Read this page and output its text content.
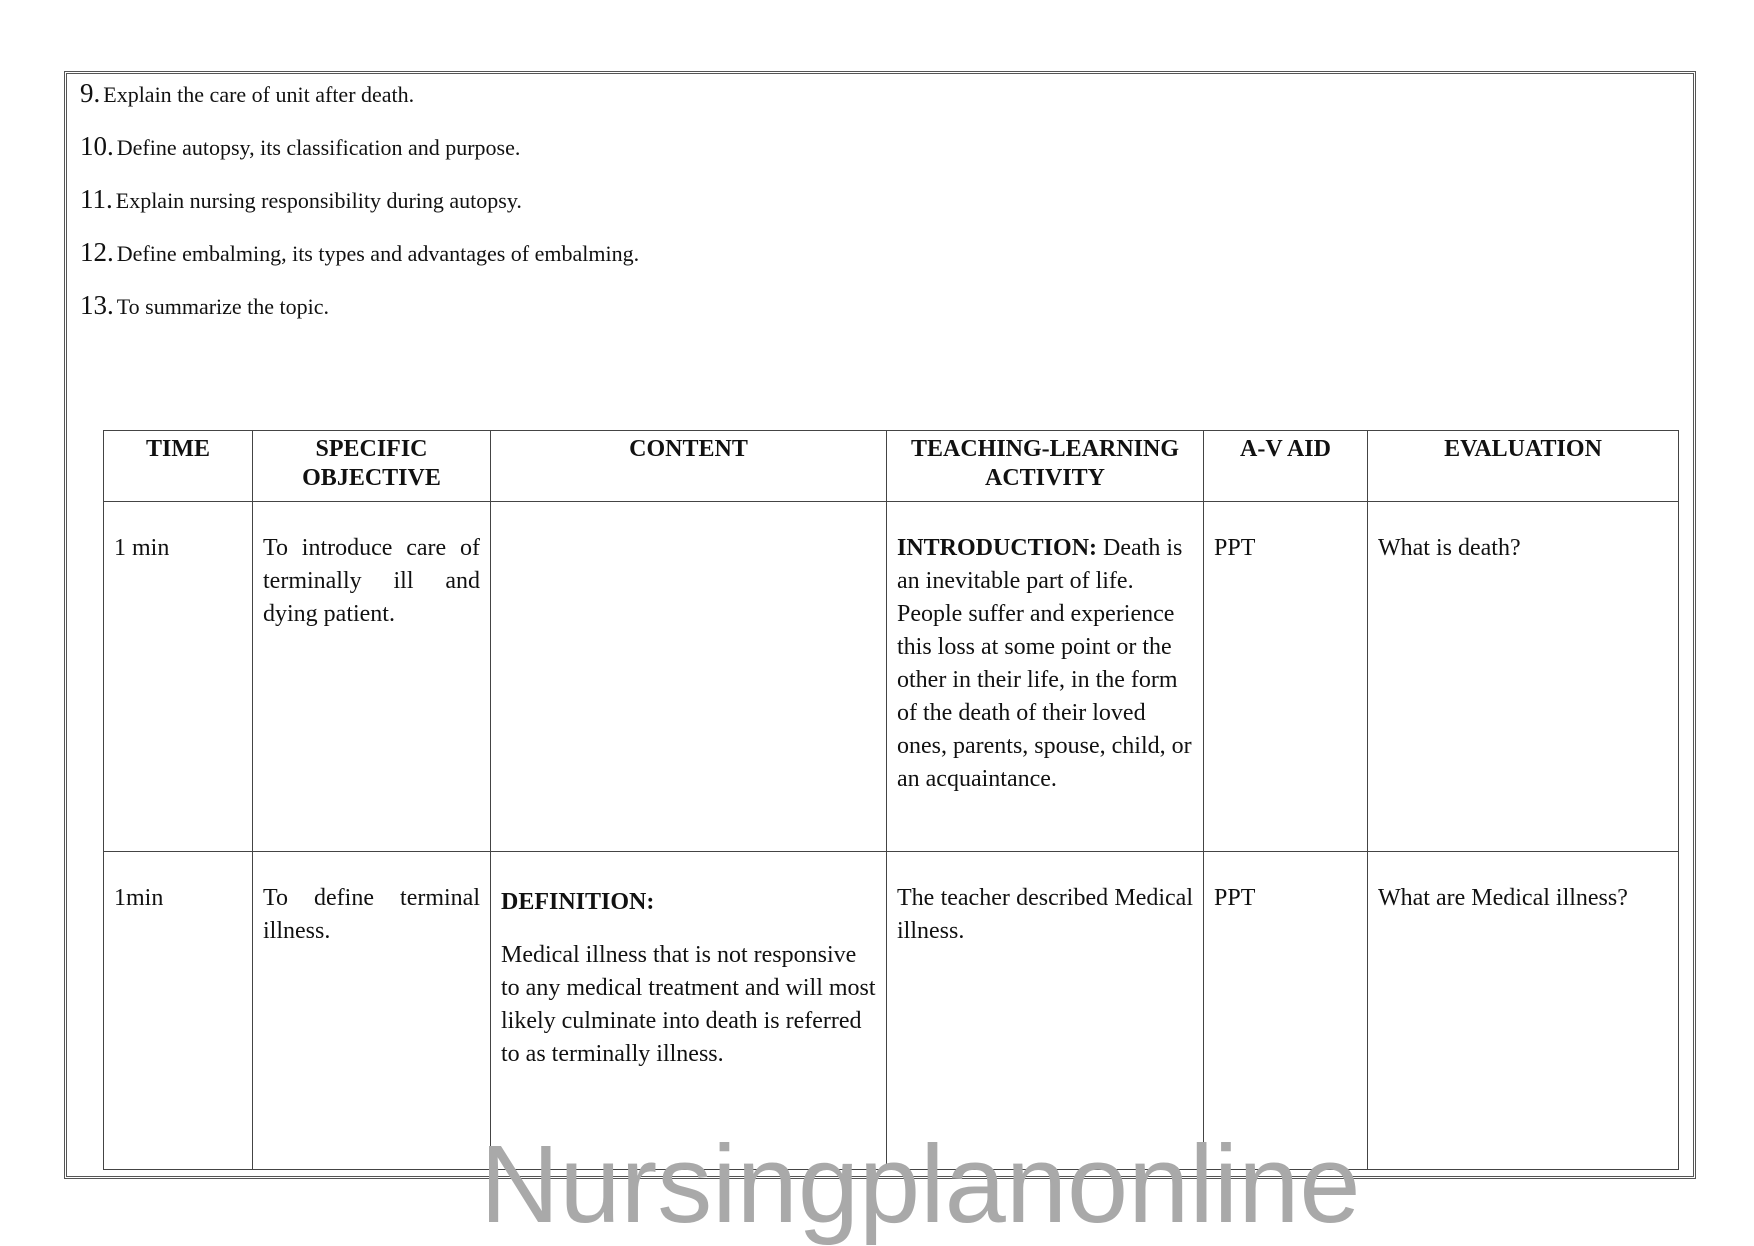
9. Explain the care of unit after death.
10. Define autopsy, its classification and purpose.
11. Explain nursing responsibility during autopsy.
12. Define embalming, its types and advantages of embalming.
13. To summarize the topic.
TIME	SPECIFIC OBJECTIVE	CONTENT	TEACHING-LEARNING ACTIVITY	A-V AID	EVALUATION
1 min	To introduce care of terminally ill and dying patient.		INTRODUCTION: Death is an inevitable part of life. People suffer and experience this loss at some point or the other in their life, in the form of the death of their loved ones, parents, spouse, child, or an acquaintance.	PPT	What is death?
1min	To define terminal illness.	DEFINITION:
Medical illness that is not responsive to any medical treatment and will most likely culminate into death is referred to as terminally illness.	The teacher described Medical illness.	PPT	What are Medical illness?
Nursingplanonline
